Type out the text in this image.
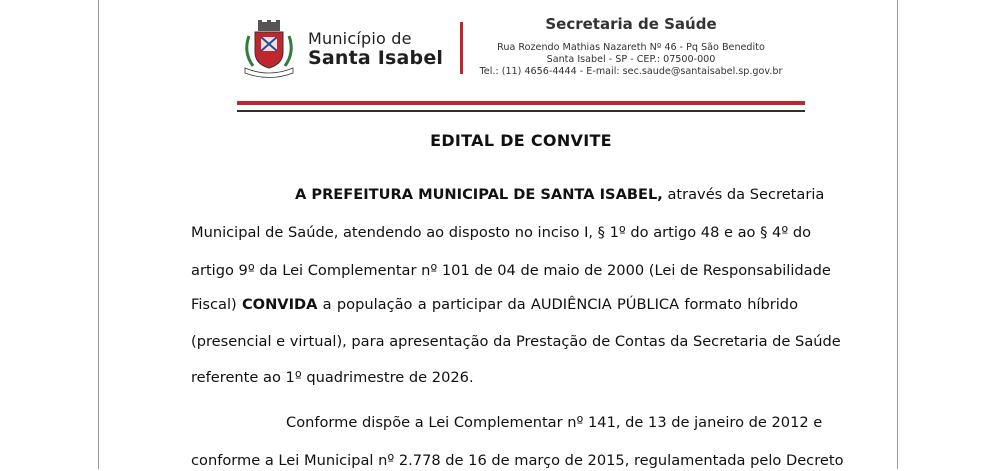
Município de
Santa Isabel
Secretaria de Saúde
Rua Rozendo Mathias Nazareth Nº 46 - Pq São Benedito
Santa Isabel - SP - CEP.: 07500-000
Tel.: (11) 4656-4444 - E-mail: sec.saude@santaisabel.sp.gov.br
EDITAL DE CONVITE
A PREFEITURA MUNICIPAL DE SANTA ISABEL, através da Secretaria
Municipal de Saúde, atendendo ao disposto no inciso I, § 1º do artigo 48 e ao § 4º do
artigo 9º da Lei Complementar nº 101 de 04 de maio de 2000 (Lei de Responsabilidade
Fiscal) CONVIDA a população a participar da AUDIÊNCIA PÚBLICA formato híbrido
(presencial e virtual), para apresentação da Prestação de Contas da Secretaria de Saúde
referente ao 1º quadrimestre de 2026.
Conforme dispõe a Lei Complementar nº 141, de 13 de janeiro de 2012 e
conforme a Lei Municipal nº 2.778 de 16 de março de 2015, regulamentada pelo Decreto
